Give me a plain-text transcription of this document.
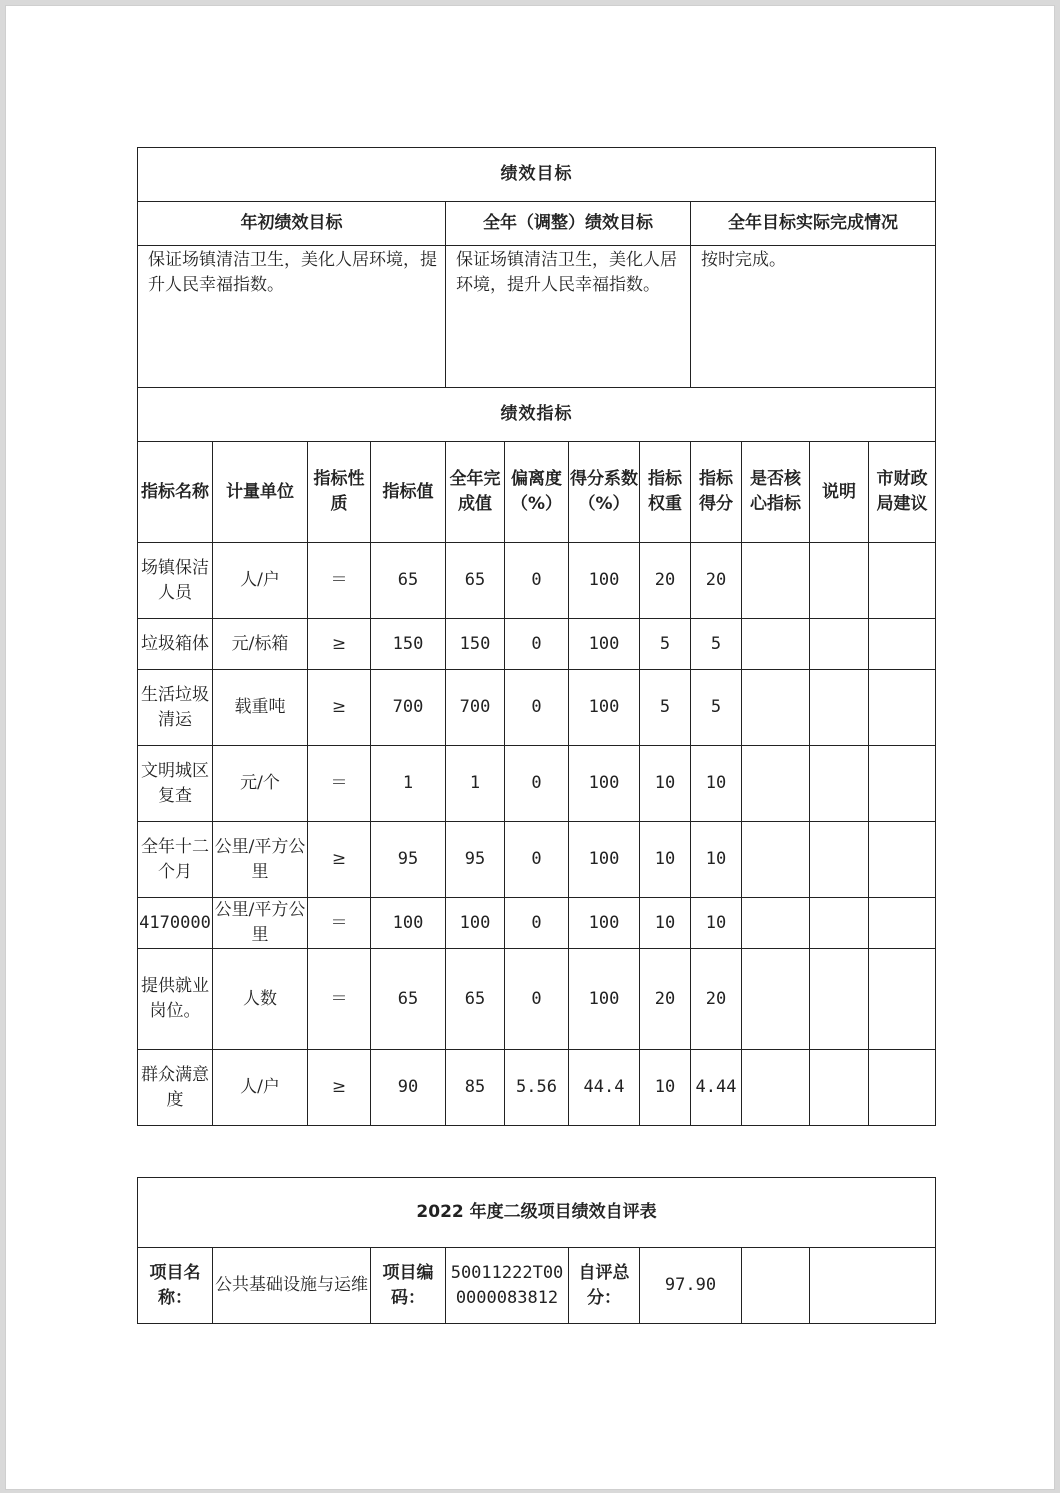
绩效目标											
年初绩效目标				全年（调整）绩效目标				全年目标实际完成情况			
保证场镇清洁卫生，美化人居环境，提升人民幸福指数。				保证场镇清洁卫生，美化人居环境，提升人民幸福指数。				按时完成。			
绩效指标											
指标名称	计量单位	指标性质	指标值	全年完成值	偏离度（%）	得分系数（%）	指标权重	指标得分	是否核心指标	说明	市财政局建议
场镇保洁人员	人/户	＝	65	65	0	100	20	20			
垃圾箱体	元/标箱	≥	150	150	0	100	5	5			
生活垃圾清运	载重吨	≥	700	700	0	100	5	5			
文明城区复查	元/个	＝	1	1	0	100	10	10			
全年十二个月	公里/平方公里	≥	95	95	0	100	10	10			
4170000	公里/平方公里	＝	100	100	0	100	10	10			
提供就业岗位。	人数	＝	65	65	0	100	20	20			
群众满意度	人/户	≥	90	85	5.56	44.4	10	4.44			
2022 年度二级项目绩效自评表
项目名称：	公共基础设施与运维	项目编码：	50011222T000000083812	自评总分：	97.90		
